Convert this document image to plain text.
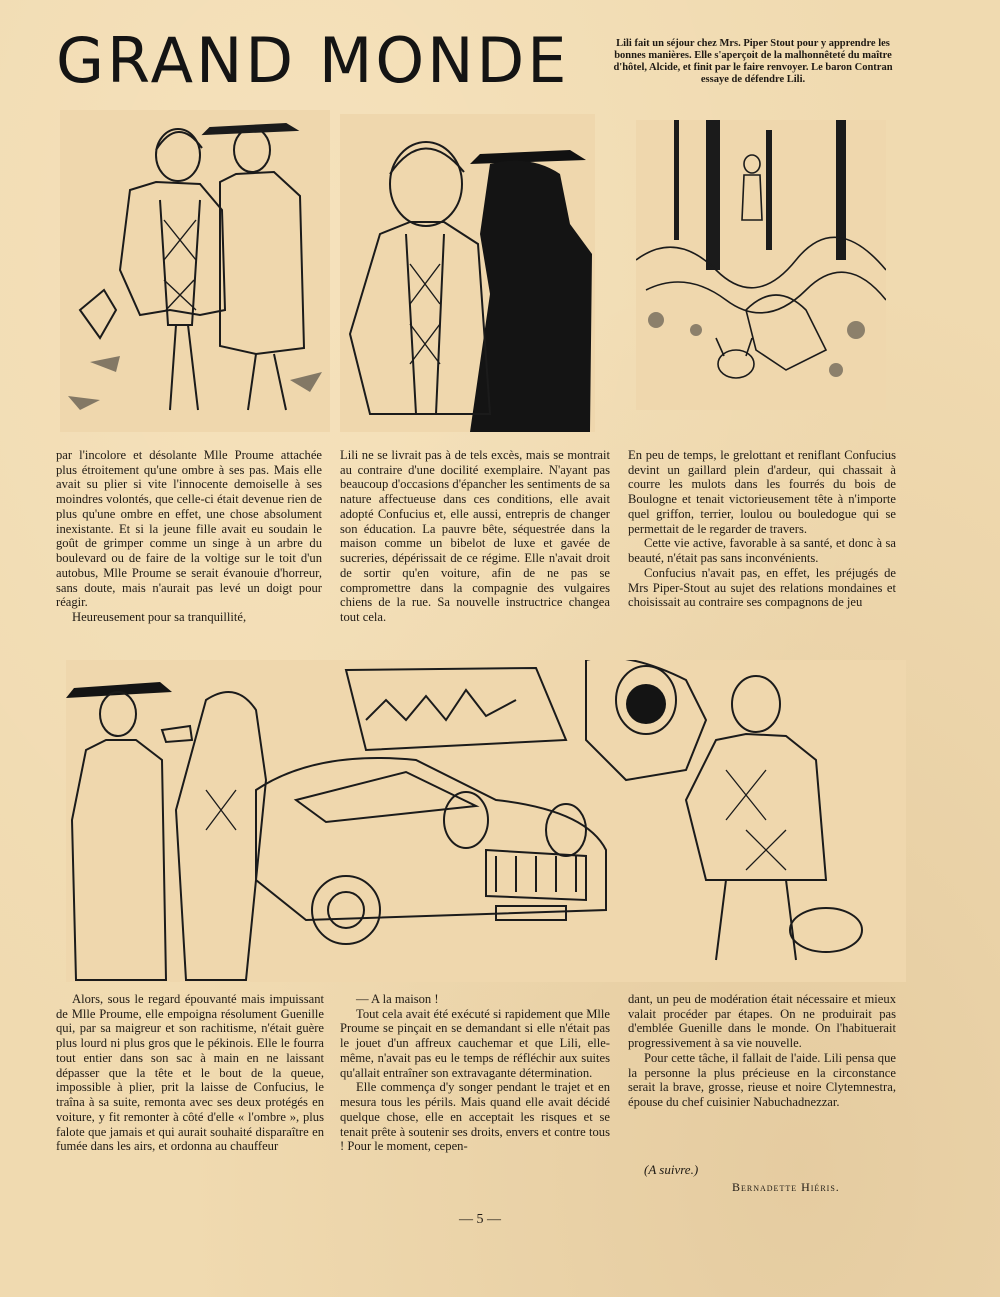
GRAND MONDE	Lili fait un séjour chez Mrs. Piper Stout pour y apprendre les bonnes manières. Elle s'aperçoit de la malhonnêteté du maître d'hôtel, Alcide, et finit par le faire renvoyer. Le baron Contran essaye de défendre Lili.

par l'incolore et désolante Mlle Proume attachée plus étroitement qu'une ombre à ses pas. Mais elle avait su plier si vite l'innocente demoiselle à ses moindres volontés, que celle-ci était devenue rien de plus qu'une ombre en effet, une chose absolument inexistante. Et si la jeune fille avait eu soudain le goût de grimper comme un singe à un arbre du boulevard ou de faire de la voltige sur le toit d'un autobus, Mlle Proume se serait évanouie d'horreur, sans doute, mais n'aurait pas levé un doigt pour réagir.

Heureusement pour sa tranquillité,

Lili ne se livrait pas à de tels excès, mais se montrait au contraire d'une docilité exemplaire. N'ayant pas beaucoup d'occasions d'épancher les sentiments de sa nature affectueuse dans ces conditions, elle avait adopté Confucius et, elle aussi, entrepris de changer son éducation. La pauvre bête, séquestrée dans la maison comme un bibelot de luxe et gavée de sucreries, dépérissait de ce régime. Elle n'avait droit de sortir qu'en voiture, afin de ne pas se compromettre dans la compagnie des vulgaires chiens de la rue. Sa nouvelle instructrice changea tout cela.

En peu de temps, le grelottant et reniflant Confucius devint un gaillard plein d'ardeur, qui chassait à courre les mulots dans les fourrés du bois de Boulogne et tenait victorieusement tête à n'importe quel griffon, terrier, loulou ou bouledogue qui se permettait de le regarder de travers.

Cette vie active, favorable à sa santé, et donc à sa beauté, n'était pas sans inconvénients.

Confucius n'avait pas, en effet, les préjugés de Mrs Piper-Stout au sujet des relations mondaines et choisissait au contraire ses compagnons de jeu

Alors, sous le regard épouvanté mais impuissant de Mlle Proume, elle empoigna résolument Guenille qui, par sa maigreur et son rachitisme, n'était guère plus lourd ni plus gros que le pékinois. Elle le fourra tout entier dans son sac à main en ne laissant dépasser que la tête et le bout de la queue, impossible à plier, prit la laisse de Confucius, le traîna à sa suite, remonta avec ses deux protégés en voiture, y fit remonter à côté d'elle « l'ombre », plus falote que jamais et qui aurait souhaité disparaître en fumée dans les airs, et ordonna au chauffeur

— A la maison !

Tout cela avait été exécuté si rapidement que Mlle Proume se pinçait en se demandant si elle n'était pas le jouet d'un affreux cauchemar et que Lili, elle-même, n'avait pas eu le temps de réfléchir aux suites qu'allait entraîner son extravagante détermination.

Elle commença d'y songer pendant le trajet et en mesura tous les périls. Mais quand elle avait décidé quelque chose, elle en acceptait les risques et se tenait prête à soutenir ses droits, envers et contre tous ! Pour le moment, cepen-

dant, un peu de modération était nécessaire et mieux valait procéder par étapes. On ne produirait pas d'emblée Guenille dans le monde. On l'habituerait progressivement à sa vie nouvelle.

Pour cette tâche, il fallait de l'aide. Lili pensa que la personne la plus précieuse en la circonstance serait la brave, grosse, rieuse et noire Clytemnestra, épouse du chef cuisinier Nabuchadnezzar.

(A suivre.)

Bernadette Hiéris.

— 5 —
